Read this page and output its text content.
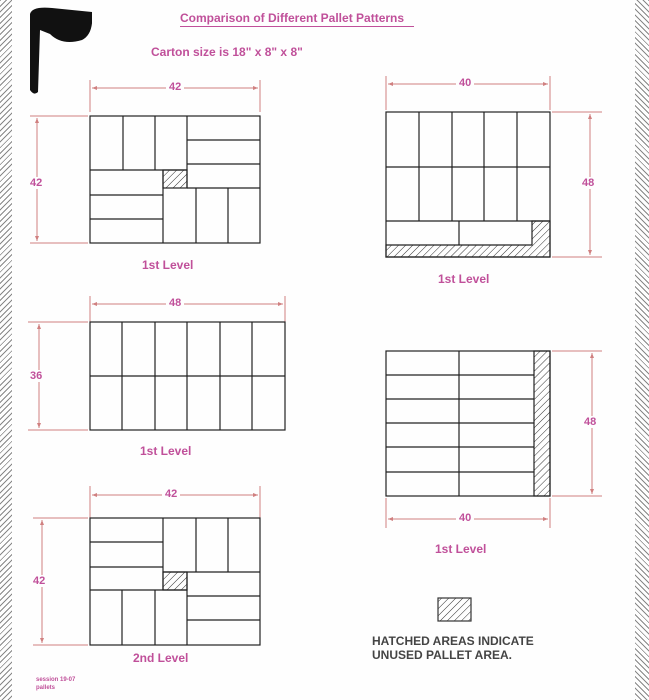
Comparison of Different Pallet Patterns
Carton size is 18" x 8" x 8"
42
42
1st Level
40
48
1st Level
48
36
1st Level
48
40
1st Level
42
42
2nd Level
HATCHED AREAS INDICATE
UNUSED PALLET AREA.
session 19-07
pallets
